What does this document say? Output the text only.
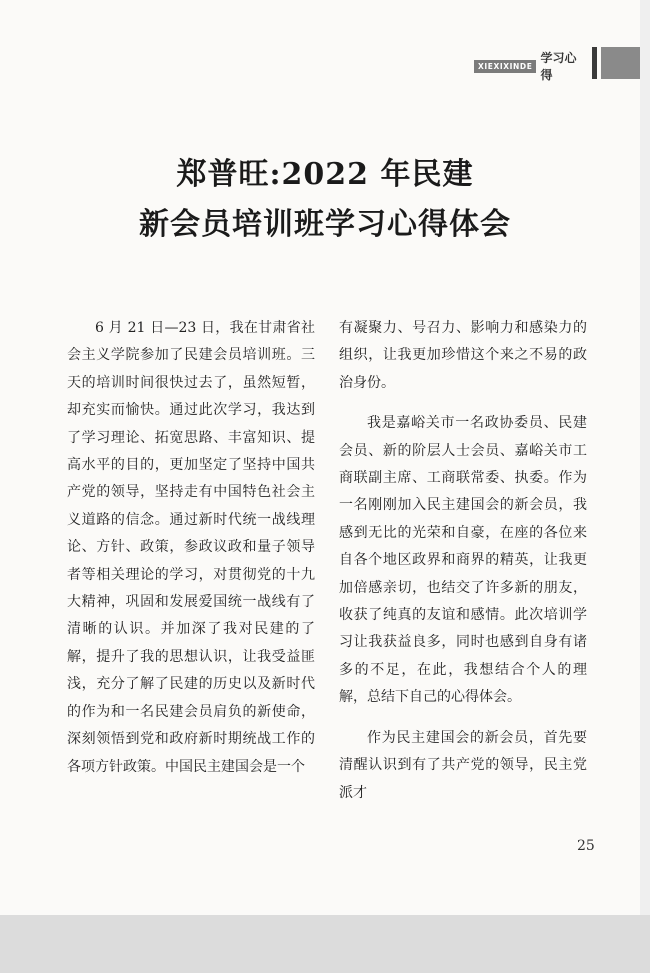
XIEXIXINDE
学习心得
郑普旺:2022 年民建
新会员培训班学习心得体会

6 月 21 日—23 日，我在甘肃省社会主义学院参加了民建会员培训班。三天的培训时间很快过去了，虽然短暂，却充实而愉快。通过此次学习，我达到了学习理论、拓宽思路、丰富知识、提高水平的目的，更加坚定了坚持中国共产党的领导，坚持走有中国特色社会主义道路的信念。通过新时代统一战线理论、方针、政策，参政议政和量子领导者等相关理论的学习，对贯彻党的十九大精神，巩固和发展爱国统一战线有了清晰的认识。并加深了我对民建的了解，提升了我的思想认识，让我受益匪浅，充分了解了民建的历史以及新时代的作为和一名民建会员肩负的新使命，深刻领悟到党和政府新时期统战工作的各项方针政策。中国民主建国会是一个

有凝聚力、号召力、影响力和感染力的组织，让我更加珍惜这个来之不易的政治身份。

我是嘉峪关市一名政协委员、民建会员、新的阶层人士会员、嘉峪关市工商联副主席、工商联常委、执委。作为一名刚刚加入民主建国会的新会员，我感到无比的光荣和自豪，在座的各位来自各个地区政界和商界的精英，让我更加倍感亲切，也结交了许多新的朋友，收获了纯真的友谊和感情。此次培训学习让我获益良多，同时也感到自身有诸多的不足，在此，我想结合个人的理解，总结下自己的心得体会。

作为民主建国会的新会员，首先要清醒认识到有了共产党的领导，民主党派才

25
